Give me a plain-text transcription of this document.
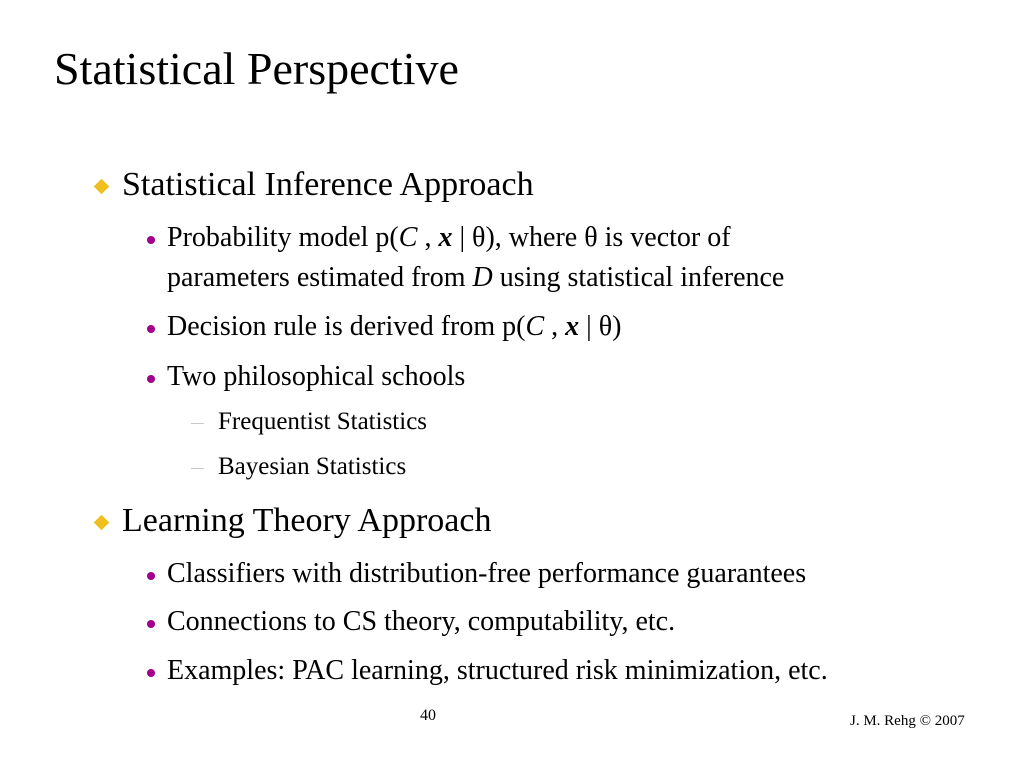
Statistical Perspective
Statistical Inference Approach
Probability model p(C , x | θ), where θ is vector of
parameters estimated from D using statistical inference
Decision rule is derived from p(C , x | θ)
Two philosophical schools
Frequentist Statistics
Bayesian Statistics
Learning Theory Approach
Classifiers with distribution-free performance guarantees
Connections to CS theory, computability, etc.
Examples: PAC learning, structured risk minimization, etc.
40	J. M. Rehg © 2007
